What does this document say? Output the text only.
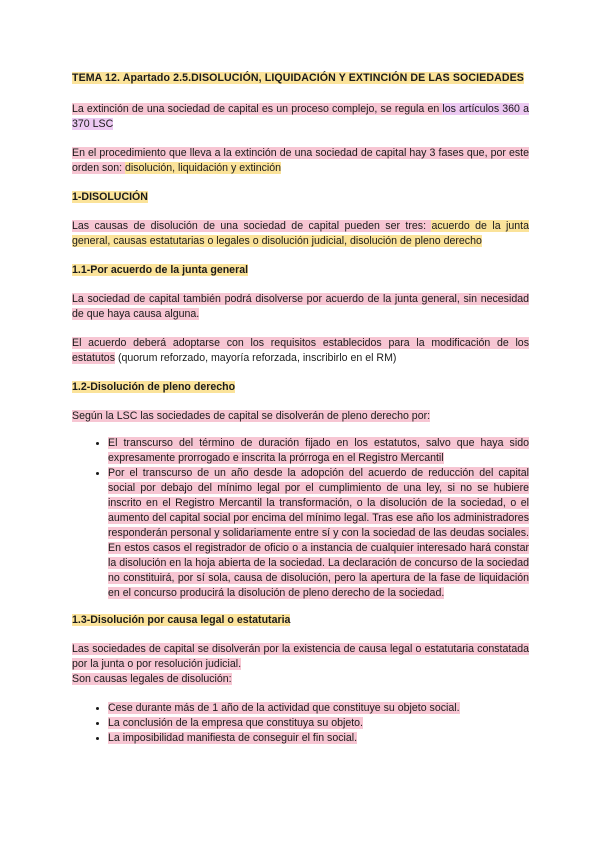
TEMA 12. Apartado 2.5.DISOLUCIÓN, LIQUIDACIÓN Y EXTINCIÓN DE LAS SOCIEDADES

La extinción de una sociedad de capital es un proceso complejo, se regula en los artículos 360 a 370 LSC

En el procedimiento que lleva a la extinción de una sociedad de capital hay 3 fases que, por este orden son: disolución, liquidación y extinción

1-DISOLUCIÓN

Las causas de disolución de una sociedad de capital pueden ser tres: acuerdo de la junta general, causas estatutarias o legales o disolución judicial, disolución de pleno derecho

1.1-Por acuerdo de la junta general

La sociedad de capital también podrá disolverse por acuerdo de la junta general, sin necesidad de que haya causa alguna.

El acuerdo deberá adoptarse con los requisitos establecidos para la modificación de los estatutos (quorum reforzado, mayoría reforzada, inscribirlo en el RM)

1.2-Disolución de pleno derecho

Según la LSC las sociedades de capital se disolverán de pleno derecho por:

• El transcurso del término de duración fijado en los estatutos, salvo que haya sido expresamente prorrogado e inscrita la prórroga en el Registro Mercantil
• Por el transcurso de un año desde la adopción del acuerdo de reducción del capital social por debajo del mínimo legal por el cumplimiento de una ley, si no se hubiere inscrito en el Registro Mercantil la transformación, o la disolución de la sociedad, o el aumento del capital social por encima del mínimo legal. Tras ese año los administradores responderán personal y solidariamente entre sí y con la sociedad de las deudas sociales. En estos casos el registrador de oficio o a instancia de cualquier interesado hará constar la disolución en la hoja abierta de la sociedad. La declaración de concurso de la sociedad no constituirá, por sí sola, causa de disolución, pero la apertura de la fase de liquidación en el concurso producirá la disolución de pleno derecho de la sociedad.

1.3-Disolución por causa legal o estatutaria

Las sociedades de capital se disolverán por la existencia de causa legal o estatutaria constatada por la junta o por resolución judicial.

Son causas legales de disolución:

• Cese durante más de 1 año de la actividad que constituye su objeto social.
• La conclusión de la empresa que constituya su objeto.
• La imposibilidad manifiesta de conseguir el fin social.
